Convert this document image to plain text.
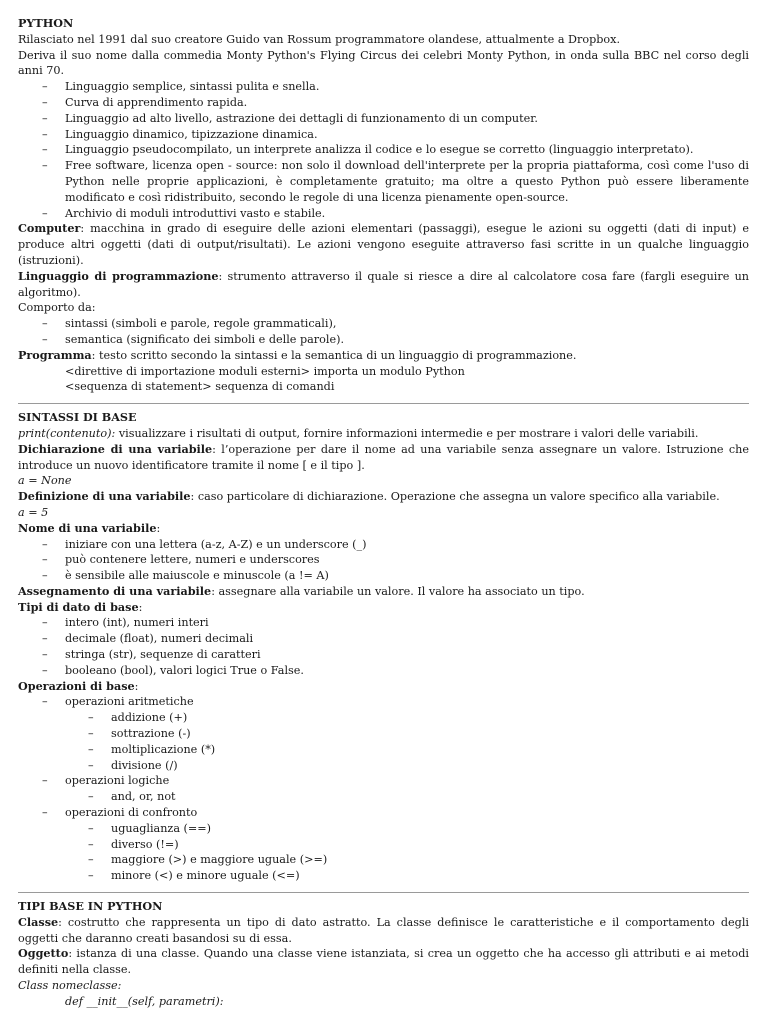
PYTHON

Rilasciato nel 1991 dal suo creatore Guido van Rossum programmatore olandese, attualmente a Dropbox.

Deriva il suo nome dalla commedia Monty Python's Flying Circus dei celebri Monty Python, in onda sulla BBC nel corso degli anni 70.

– Linguaggio semplice, sintassi pulita e snella.
– Curva di apprendimento rapida.
– Linguaggio ad alto livello, astrazione dei dettagli di funzionamento di un computer.
– Linguaggio dinamico, tipizzazione dinamica.
– Linguaggio pseudocompilato, un interprete analizza il codice e lo esegue se corretto (linguaggio interpretato).
– Free software, licenza open - source: non solo il download dell'interprete per la propria piattaforma, così come l'uso di Python nelle proprie applicazioni, è completamente gratuito; ma oltre a questo Python può essere liberamente modificato e così ridistribuito, secondo le regole di una licenza pienamente open-source.
– Archivio di moduli introduttivi vasto e stabile.

Computer: macchina in grado di eseguire delle azioni elementari (passaggi), esegue le azioni su oggetti (dati di input) e produce altri oggetti (dati di output/risultati). Le azioni vengono eseguite attraverso fasi scritte in un qualche linguaggio (istruzioni).

Linguaggio di programmazione: strumento attraverso il quale si riesce a dire al calcolatore cosa fare (fargli eseguire un algoritmo).

Comporto da:

– sintassi (simboli e parole, regole grammaticali),
– semantica (significato dei simboli e delle parole).

Programma: testo scritto secondo la sintassi e la semantica di un linguaggio di programmazione.

<direttive di importazione moduli esterni> importa un modulo Python

<sequenza di statement> sequenza di comandi

SINTASSI DI BASE

print(contenuto): visualizzare i risultati di output, fornire informazioni intermedie e per mostrare i valori delle variabili.

Dichiarazione di una variabile: l’operazione per dare il nome ad una variabile senza assegnare un valore. Istruzione che introduce un nuovo identificatore tramite il nome [ e il tipo ].

a = None

Definizione di una variabile: caso particolare di dichiarazione. Operazione che assegna un valore specifico alla variabile.

a = 5

Nome di una variabile:

– iniziare con una lettera (a-z, A-Z) e un underscore (_)
– può contenere lettere, numeri e underscores
– è sensibile alle maiuscole e minuscole (a != A)

Assegnamento di una variabile: assegnare alla variabile un valore. Il valore ha associato un tipo.

Tipi di dato di base:

– intero (int), numeri interi
– decimale (float), numeri decimali
– stringa (str), sequenze di caratteri
– booleano (bool), valori logici True o False.

Operazioni di base:

– operazioni aritmetiche
– addizione (+)
– sottrazione (-)
– moltiplicazione (*)
– divisione (/)
– operazioni logiche
– and, or, not
– operazioni di confronto
– uguaglianza (==)
– diverso (!=)
– maggiore (>) e maggiore uguale (>=)
– minore (<) e minore uguale (<=)

TIPI BASE IN PYTHON

Classe: costrutto che rappresenta un tipo di dato astratto. La classe definisce le caratteristiche e il comportamento degli oggetti che daranno creati basandosi su di essa.

Oggetto: istanza di una classe. Quando una classe viene istanziata, si crea un oggetto che ha accesso gli attributi e ai metodi definiti nella classe.

Class nomeclasse:

def __init__(self, parametri):
